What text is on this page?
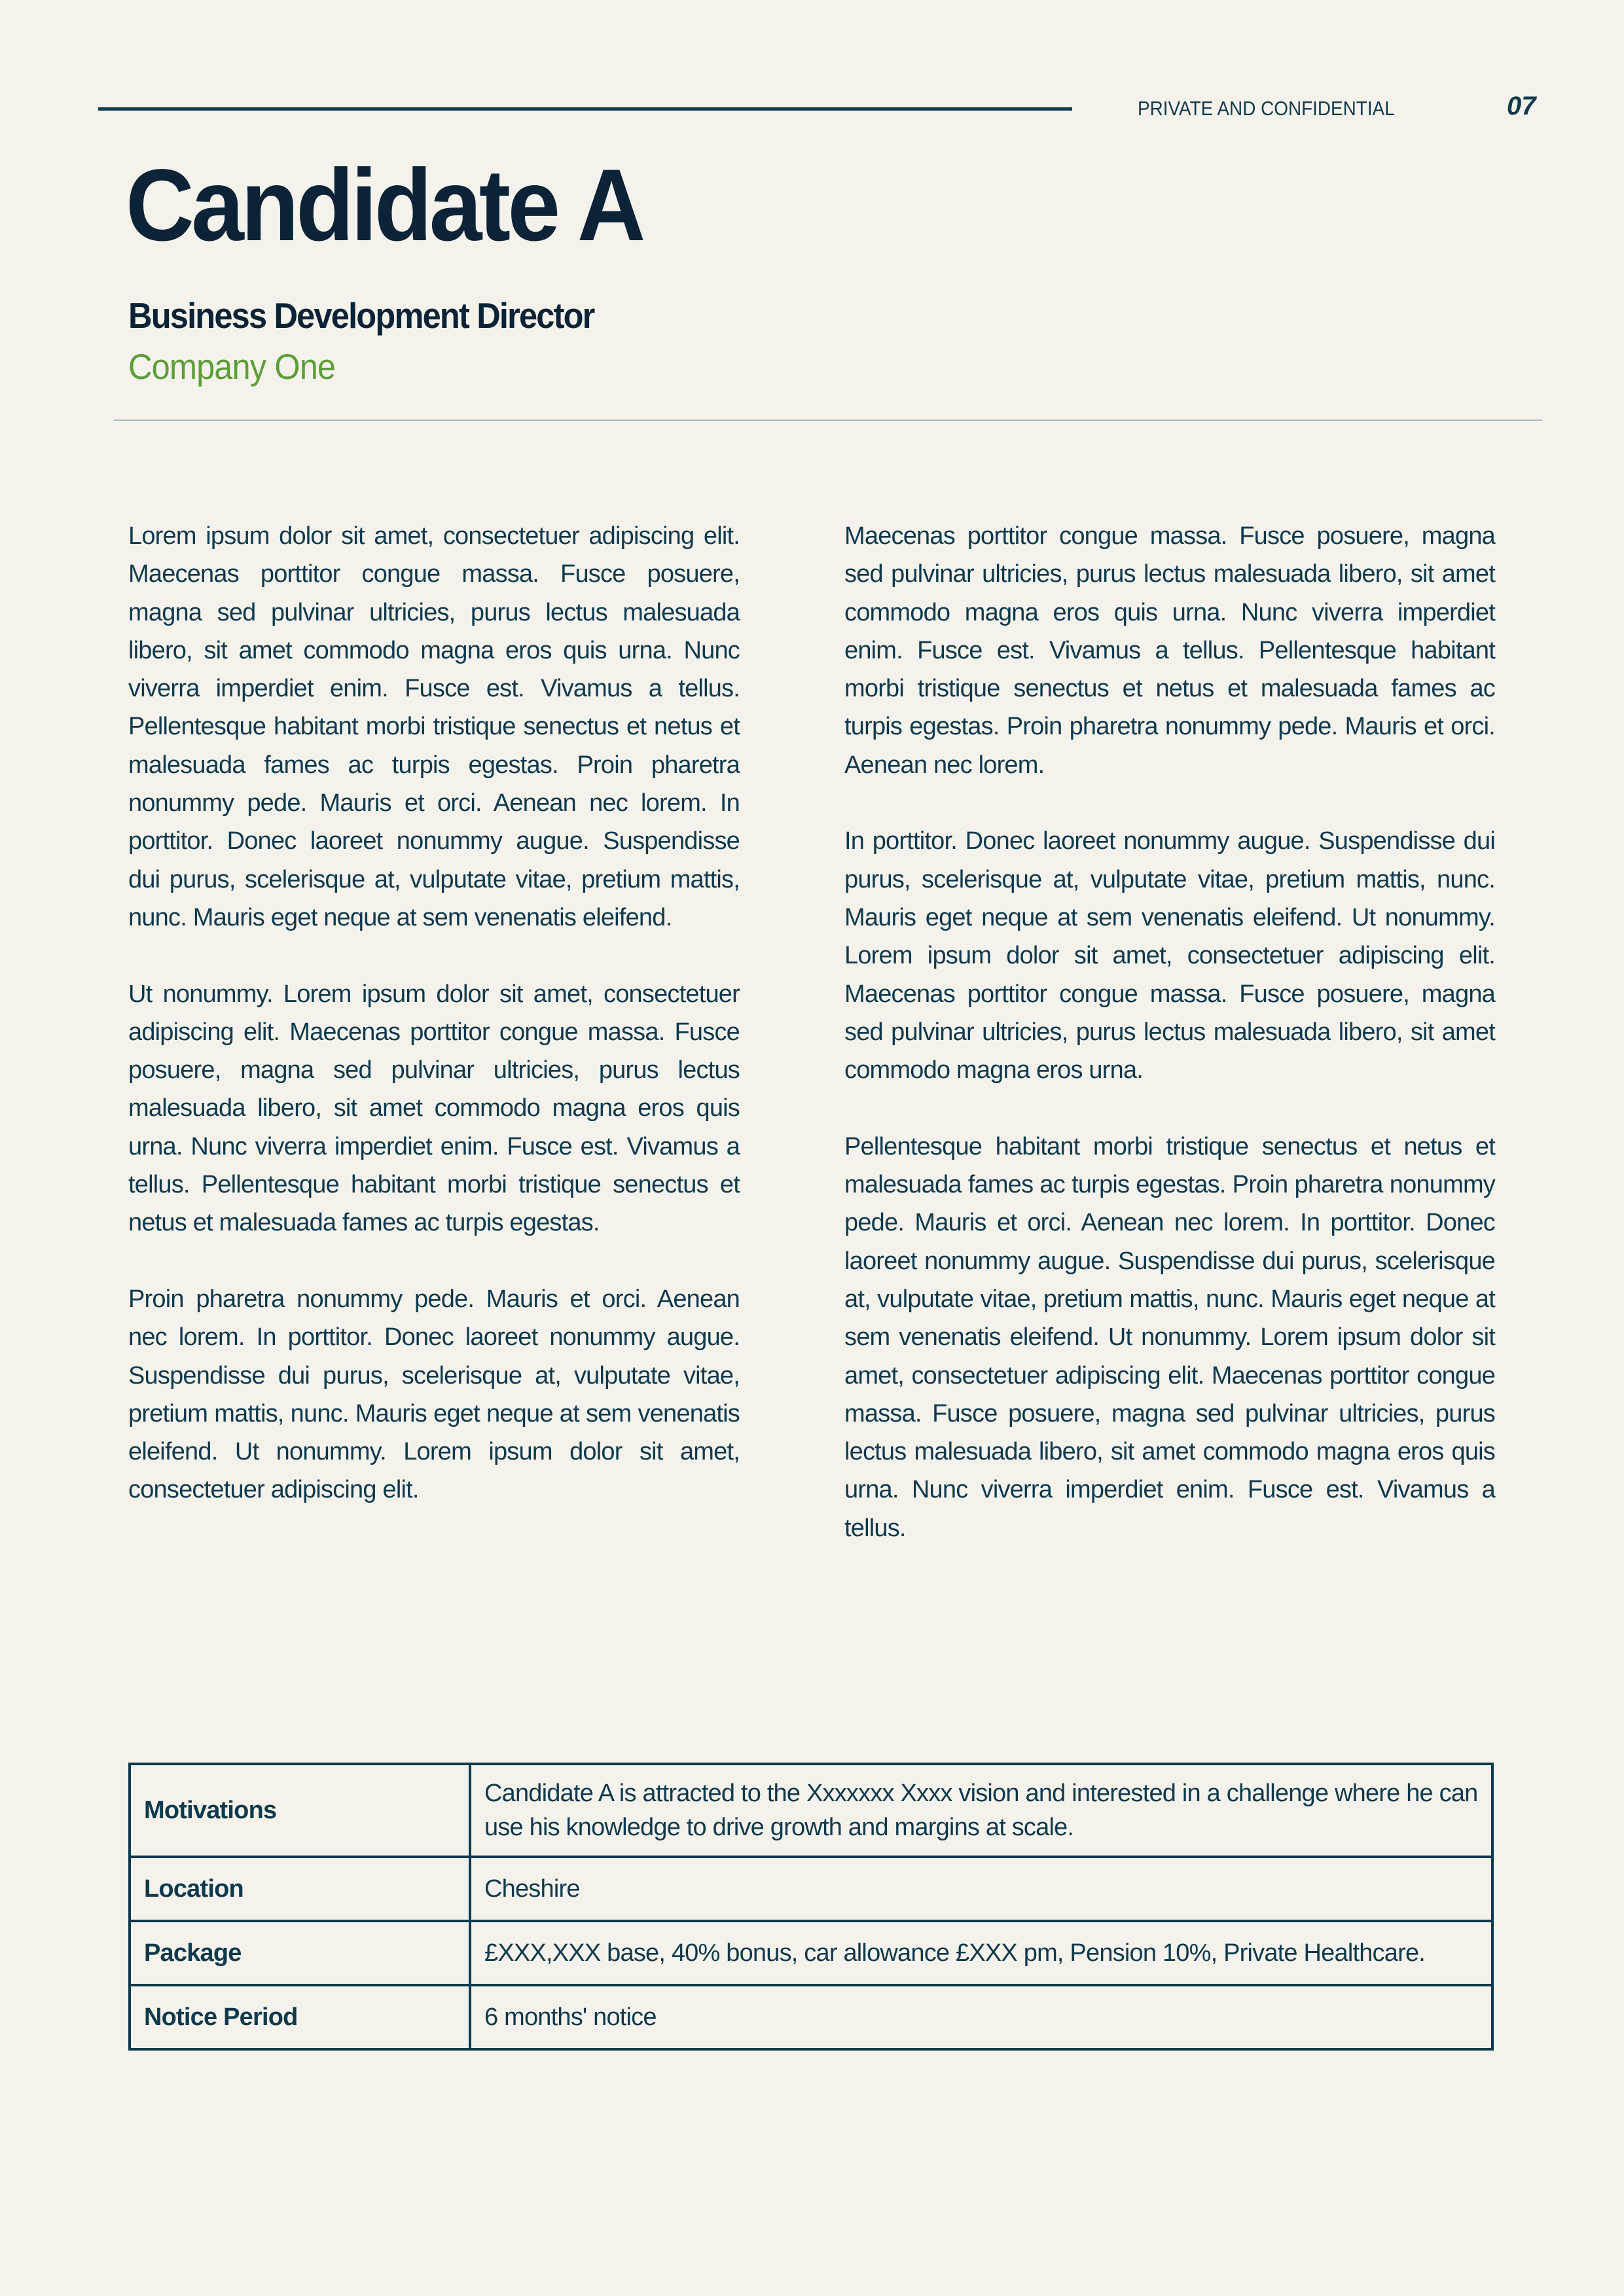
PRIVATE AND CONFIDENTIAL	07
Candidate A
Business Development Director
Company One

Lorem ipsum dolor sit amet, consectetuer adipiscing elit. Maecenas porttitor congue massa. Fusce posuere, magna sed pulvinar ultricies, purus lectus malesuada libero, sit amet commodo magna eros quis urna. Nunc viverra imperdiet enim. Fusce est. Vivamus a tellus. Pellentesque habitant morbi tristique senectus et netus et malesuada fames ac turpis egestas. Proin pharetra nonummy pede. Mauris et orci. Aenean nec lorem. In porttitor. Donec laoreet nonummy augue. Suspendisse dui purus, scelerisque at, vulputate vitae, pretium mattis, nunc. Mauris eget neque at sem venenatis eleifend.

Ut nonummy. Lorem ipsum dolor sit amet, consectetuer adipiscing elit. Maecenas porttitor congue massa. Fusce posuere, magna sed pulvinar ultricies, purus lectus malesuada libero, sit amet commodo magna eros quis urna. Nunc viverra imperdiet enim. Fusce est. Vivamus a tellus. Pellentesque habitant morbi tristique senectus et netus et malesuada fames ac turpis egestas.

Proin pharetra nonummy pede. Mauris et orci. Aenean nec lorem. In porttitor. Donec laoreet nonummy augue. Suspendisse dui purus, scelerisque at, vulputate vitae, pretium mattis, nunc. Mauris eget neque at sem venenatis eleifend. Ut nonummy. Lorem ipsum dolor sit amet, consectetuer adipiscing elit.

Maecenas porttitor congue massa. Fusce posuere, magna sed pulvinar ultricies, purus lectus malesuada libero, sit amet commodo magna eros quis urna. Nunc viverra imperdiet enim. Fusce est. Vivamus a tellus. Pellentesque habitant morbi tristique senectus et netus et malesuada fames ac turpis egestas. Proin pharetra nonummy pede. Mauris et orci. Aenean nec lorem.

In porttitor. Donec laoreet nonummy augue. Suspendisse dui purus, scelerisque at, vulputate vitae, pretium mattis, nunc. Mauris eget neque at sem venenatis eleifend. Ut nonummy. Lorem ipsum dolor sit amet, consectetuer adipiscing elit. Maecenas porttitor congue massa. Fusce posuere, magna sed pulvinar ultricies, purus lectus malesuada libero, sit amet commodo magna eros urna.

Pellentesque habitant morbi tristique senectus et netus et malesuada fames ac turpis egestas. Proin pharetra nonummy pede. Mauris et orci. Aenean nec lorem. In porttitor. Donec laoreet nonummy augue. Suspendisse dui purus, scelerisque at, vulputate vitae, pretium mattis, nunc. Mauris eget neque at sem venenatis eleifend. Ut nonummy. Lorem ipsum dolor sit amet, consectetuer adipiscing elit. Maecenas porttitor congue massa. Fusce posuere, magna sed pulvinar ultricies, purus lectus malesuada libero, sit amet commodo magna eros quis urna. Nunc viverra imperdiet enim. Fusce est. Vivamus a tellus.

Motivations	Candidate A is attracted to the Xxxxxxx Xxxx vision and interested in a challenge where he can use his knowledge to drive growth and margins at scale.
Location	Cheshire
Package	£XXX,XXX base, 40% bonus, car allowance £XXX pm, Pension 10%, Private Healthcare.
Notice Period	6 months' notice
